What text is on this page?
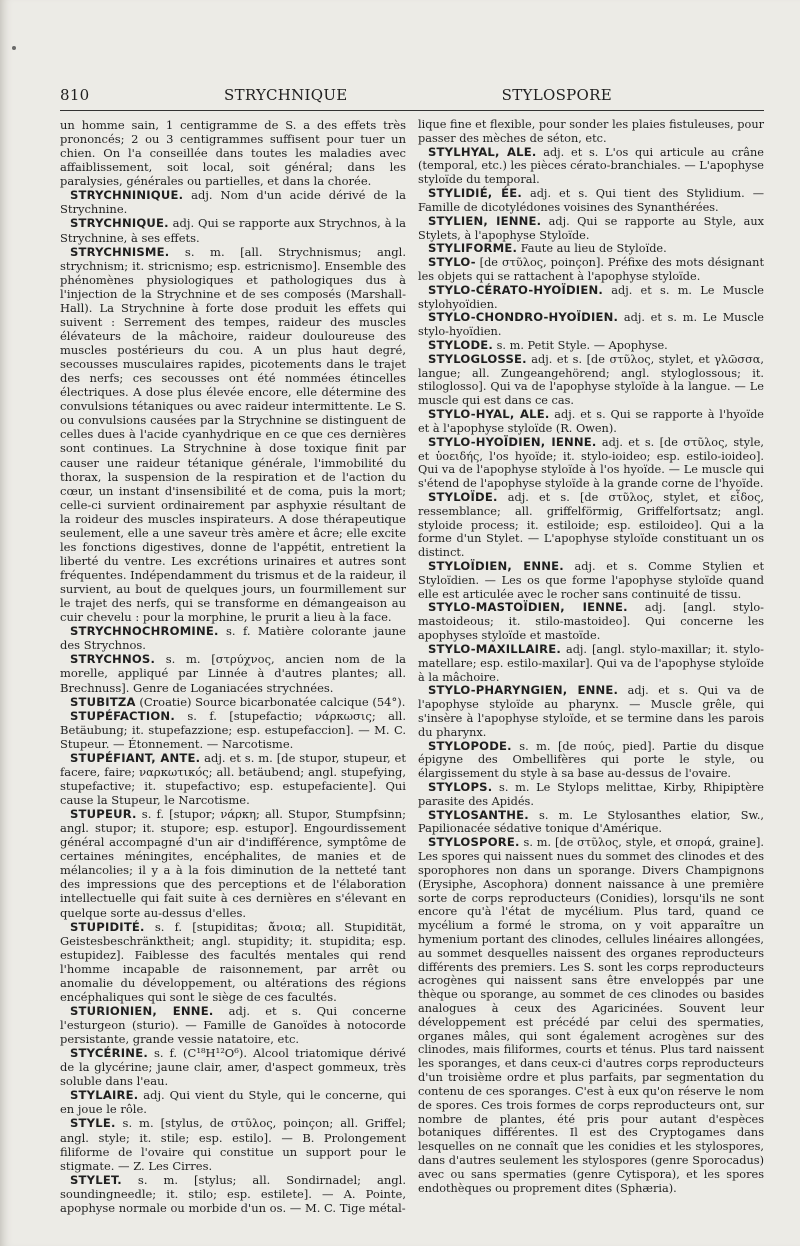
810	STRYCHNIQUE	STYLOSPORE

un homme sain, 1 centigramme de S. a des effets très prononcés; 2 ou 3 centigrammes suffisent pour tuer un chien. On l'a conseillée dans toutes les maladies avec affaiblissement, soit local, soit général; dans les paralysies, générales ou partielles, et dans la chorée.

STRYCHNINIQUE. adj. Nom d'un acide dérivé de la Strychnine.

STRYCHNIQUE. adj. Qui se rapporte aux Strychnos, à la Strychnine, à ses effets.

STRYCHNISME. s. m. [all. Strychnismus; angl. strychnism; it. stricnismo; esp. estricnismo]. Ensemble des phénomènes physiologiques et pathologiques dus à l'injection de la Strychnine et de ses composés (Marshall-Hall). La Strychnine à forte dose produit les effets qui suivent : Serrement des tempes, raideur des muscles élévateurs de la mâchoire, raideur douloureuse des muscles postérieurs du cou. A un plus haut degré, secousses musculaires rapides, picotements dans le trajet des nerfs; ces secousses ont été nommées étincelles électriques. A dose plus élevée encore, elle détermine des convulsions tétaniques ou avec raideur intermittente. Le S. ou convulsions causées par la Strychnine se distinguent de celles dues à l'acide cyanhydrique en ce que ces dernières sont continues. La Strychnine à dose toxique finit par causer une raideur tétanique générale, l'immobilité du thorax, la suspension de la respiration et de l'action du cœur, un instant d'insensibilité et de coma, puis la mort; celle-ci survient ordinairement par asphyxie résultant de la roideur des muscles inspirateurs. A dose thérapeutique seulement, elle a une saveur très amère et âcre; elle excite les fonctions digestives, donne de l'appétit, entretient la liberté du ventre. Les excrétions urinaires et autres sont fréquentes. Indépendamment du trismus et de la raideur, il survient, au bout de quelques jours, un fourmillement sur le trajet des nerfs, qui se transforme en démangeaison au cuir chevelu : pour la morphine, le prurit a lieu à la face.

STRYCHNOCHROMINE. s. f. Matière colorante jaune des Strychnos.

STRYCHNOS. s. m. [στρύχνος, ancien nom de la morelle, appliqué par Linnée à d'autres plantes; all. Brechnuss]. Genre de Loganiacées strychnées.

STUBITZA (Croatie) Source bicarbonatée calcique (54°).

STUPÉFACTION. s. f. [stupefactio; νάρκωσις; all. Betäubung; it. stupefazzione; esp. estupefaccion]. — M. C. Stupeur. — Étonnement. — Narcotisme.

STUPÉFIANT, ANTE. adj. et s. m. [de stupor, stupeur, et facere, faire; ναρκωτικός; all. betäubend; angl. stupefying, stupefactive; it. stupefactivo; esp. estupefaciente]. Qui cause la Stupeur, le Narcotisme.

STUPEUR. s. f. [stupor; νάρκη; all. Stupor, Stumpfsinn; angl. stupor; it. stupore; esp. estupor]. Engourdissement général accompagné d'un air d'indifférence, symptôme de certaines méningites, encéphalites, de manies et de mélancolies; il y a à la fois diminution de la netteté tant des impressions que des perceptions et de l'élaboration intellectuelle qui fait suite à ces dernières en s'élevant en quelque sorte au-dessus d'elles.

STUPIDITÉ. s. f. [stupiditas; ἄνοια; all. Stupidität, Geistesbeschränktheit; angl. stupidity; it. stupidita; esp. estupidez]. Faiblesse des facultés mentales qui rend l'homme incapable de raisonnement, par arrêt ou anomalie du développement, ou altérations des régions encéphaliques qui sont le siège de ces facultés.

STURIONIEN, ENNE. adj. et s. Qui concerne l'esturgeon (sturio). — Famille de Ganoïdes à notocorde persistante, grande vessie natatoire, etc.

STYCÉRINE. s. f. (C¹⁸H¹²O⁶). Alcool triatomique dérivé de la glycérine; jaune clair, amer, d'aspect gommeux, très soluble dans l'eau.

STYLAIRE. adj. Qui vient du Style, qui le concerne, qui en joue le rôle.

STYLE. s. m. [stylus, de στῦλος, poinçon; all. Griffel; angl. style; it. stile; esp. estilo]. — B. Prolongement filiforme de l'ovaire qui constitue un support pour le stigmate. — Z. Les Cirres.

STYLET. s. m. [stylus; all. Sondirnadel; angl. soundingneedle; it. stilo; esp. estilete]. — A. Pointe, apophyse normale ou morbide d'un os. — M. C. Tige métal-

lique fine et flexible, pour sonder les plaies fistuleuses, pour passer des mèches de séton, etc.

STYLHYAL, ALE. adj. et s. L'os qui articule au crâne (temporal, etc.) les pièces cérato-branchiales. — L'apophyse styloïde du temporal.

STYLIDIÉ, ÉE. adj. et s. Qui tient des Stylidium. — Famille de dicotylédones voisines des Synanthérées.

STYLIEN, IENNE. adj. Qui se rapporte au Style, aux Stylets, à l'apophyse Styloïde.

STYLIFORME. Faute au lieu de Styloïde.

STYLO- [de στῦλος, poinçon]. Préfixe des mots désignant les objets qui se rattachent à l'apophyse styloïde.

STYLO-CÉRATO-HYOÏDIEN. adj. et s. m. Le Muscle stylohyoïdien.

STYLO-CHONDRO-HYOÏDIEN. adj. et s. m. Le Muscle stylo-hyoïdien.

STYLODE. s. m. Petit Style. — Apophyse.

STYLOGLOSSE. adj. et s. [de στῦλος, stylet, et γλῶσσα, langue; all. Zungeangehörend; angl. styloglossous; it. stiloglosso]. Qui va de l'apophyse styloïde à la langue. — Le muscle qui est dans ce cas.

STYLO-HYAL, ALE. adj. et s. Qui se rapporte à l'hyoïde et à l'apophyse styloïde (R. Owen).

STYLO-HYOÏDIEN, IENNE. adj. et s. [de στῦλος, style, et ὑοειδής, l'os hyoïde; it. stylo-ioideo; esp. estilo-ioideo]. Qui va de l'apophyse styloïde à l'os hyoïde. — Le muscle qui s'étend de l'apophyse styloïde à la grande corne de l'hyoïde.

STYLOÏDE. adj. et s. [de στῦλος, stylet, et εἶδος, ressemblance; all. griffelförmig, Griffelfortsatz; angl. styloide process; it. estiloide; esp. estiloideo]. Qui a la forme d'un Stylet. — L'apophyse styloïde constituant un os distinct.

STYLOÏDIEN, ENNE. adj. et s. Comme Stylien et Styloïdien. — Les os que forme l'apophyse styloïde quand elle est articulée avec le rocher sans continuité de tissu.

STYLO-MASTOÏDIEN, IENNE. adj. [angl. stylo-mastoideous; it. stilo-mastoideo]. Qui concerne les apophyses styloïde et mastoïde.

STYLO-MAXILLAIRE. adj. [angl. stylo-maxillar; it. stylo-matellare; esp. estilo-maxilar]. Qui va de l'apophyse styloïde à la mâchoire.

STYLO-PHARYNGIEN, ENNE. adj. et s. Qui va de l'apophyse styloïde au pharynx. — Muscle grêle, qui s'insère à l'apophyse styloïde, et se termine dans les parois du pharynx.

STYLOPODE. s. m. [de πούς, pied]. Partie du disque épigyne des Ombellifères qui porte le style, ou élargissement du style à sa base au-dessus de l'ovaire.

STYLOPS. s. m. Le Stylops melittae, Kirby, Rhipiptère parasite des Apidés.

STYLOSANTHE. s. m. Le Stylosanthes elatior, Sw., Papilionacée sédative tonique d'Amérique.

STYLOSPORE. s. m. [de στῦλος, style, et σπορά, graine]. Les spores qui naissent nues du sommet des clinodes et des sporophores non dans un sporange. Divers Champignons (Erysiphe, Ascophora) donnent naissance à une première sorte de corps reproducteurs (Conidies), lorsqu'ils ne sont encore qu'à l'état de mycélium. Plus tard, quand ce mycélium a formé le stroma, on y voit apparaître un hymenium portant des clinodes, cellules linéaires allongées, au sommet desquelles naissent des organes reproducteurs différents des premiers. Les S. sont les corps reproducteurs acrogènes qui naissent sans être enveloppés par une thèque ou sporange, au sommet de ces clinodes ou basides analogues à ceux des Agaricinées. Souvent leur développement est précédé par celui des spermaties, organes mâles, qui sont également acrogènes sur des clinodes, mais filiformes, courts et ténus. Plus tard naissent les sporanges, et dans ceux-ci d'autres corps reproducteurs d'un troisième ordre et plus parfaits, par segmentation du contenu de ces sporanges. C'est à eux qu'on réserve le nom de spores. Ces trois formes de corps reproducteurs ont, sur nombre de plantes, été pris pour autant d'espèces botaniques différentes. Il est des Cryptogames dans lesquelles on ne connaît que les conidies et les stylospores, dans d'autres seulement les stylospores (genre Sporocadus) avec ou sans spermaties (genre Cytispora), et les spores endothèques ou proprement dites (Sphæria).
